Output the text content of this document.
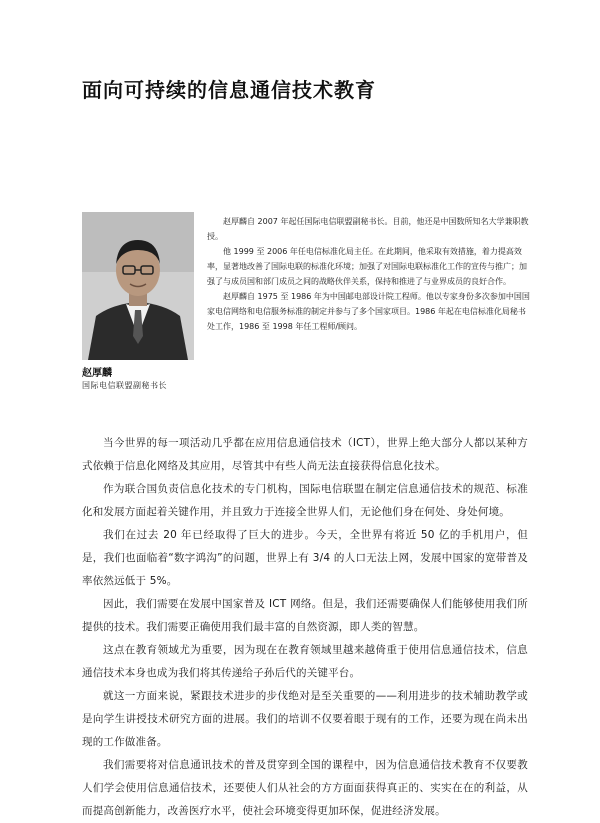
面向可持续的信息通信技术教育
赵厚麟
国际电信联盟副秘书长

赵厚麟自 2007 年起任国际电信联盟副秘书长。目前，他还是中国数所知名大学兼职教授。

他 1999 至 2006 年任电信标准化局主任。在此期间，他采取有效措施，着力提高效率，显著地改善了国际电联的标准化环境；加强了对国际电联标准化工作的宣传与推广；加强了与成员国和部门成员之间的战略伙伴关系，保持和推进了与业界成员的良好合作。

赵厚麟自 1975 至 1986 年为中国邮电部设计院工程师。他以专家身份多次参加中国国家电信网络和电信服务标准的制定并参与了多个国家项目。1986 年起在电信标准化局秘书处工作，1986 至 1998 年任工程师/顾问。

当今世界的每一项活动几乎都在应用信息通信技术（ICT），世界上绝大部分人都以某种方式依赖于信息化网络及其应用，尽管其中有些人尚无法直接获得信息化技术。

作为联合国负责信息化技术的专门机构，国际电信联盟在制定信息通信技术的规范、标准化和发展方面起着关键作用，并且致力于连接全世界人们，无论他们身在何处、身处何境。

我们在过去 20 年已经取得了巨大的进步。今天，全世界有将近 50 亿的手机用户，但是，我们也面临着“数字鸿沟”的问题，世界上有 3/4 的人口无法上网，发展中国家的宽带普及率依然远低于 5%。

因此，我们需要在发展中国家普及 ICT 网络。但是，我们还需要确保人们能够使用我们所提供的技术。我们需要正确使用我们最丰富的自然资源，即人类的智慧。

这点在教育领域尤为重要，因为现在在教育领域里越来越倚重于使用信息通信技术，信息通信技术本身也成为我们将其传递给子孙后代的关键平台。

就这一方面来说，紧跟技术进步的步伐绝对是至关重要的——利用进步的技术辅助教学或是向学生讲授技术研究方面的进展。我们的培训不仅要着眼于现有的工作，还要为现在尚未出现的工作做准备。

我们需要将对信息通讯技术的普及贯穿到全国的课程中，因为信息通信技术教育不仅要教人们学会使用信息通信技术，还要使人们从社会的方方面面获得真正的、实实在在的利益，从而提高创新能力，改善医疗水平，使社会环境变得更加环保，促进经济发展。
